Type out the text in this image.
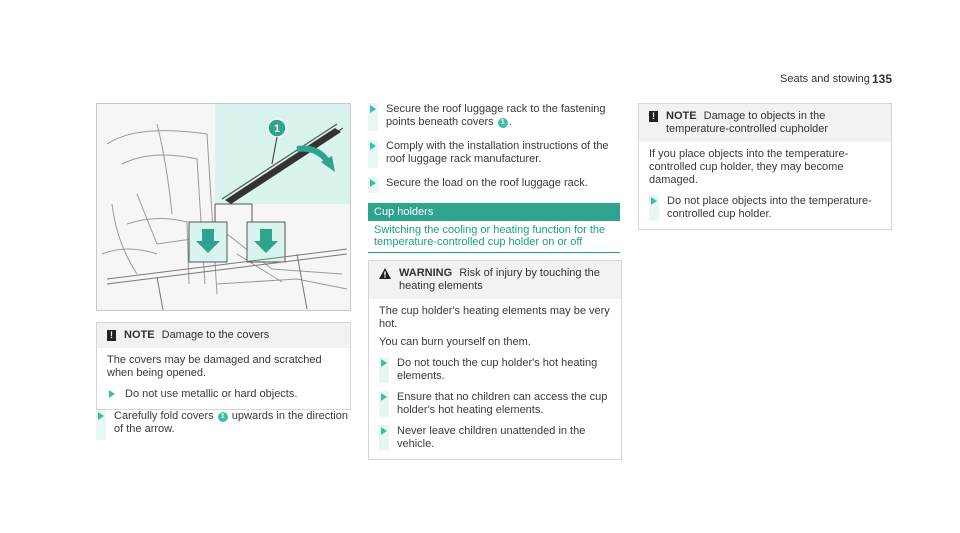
Seats and stowing 135
1
! NOTE Damage to the covers

The covers may be damaged and scratched when being opened.

Do not use metallic or hard objects.
Carefully fold covers 1 upwards in the direction of the arrow.
Secure the roof luggage rack to the fastening points beneath covers 1 .
Comply with the installation instructions of the roof luggage rack manufacturer.
Secure the load on the roof luggage rack.
Cup holders
Switching the cooling or heating function for the temperature-controlled cup holder on or off
WARNING Risk of injury by touching the heating elements

The cup holder's heating elements may be very hot.

You can burn yourself on them.

Do not touch the cup holder's hot heating elements.
Ensure that no children can access the cup holder's hot heating elements.
Never leave children unattended in the vehicle.
! NOTE Damage to objects in the temperature-controlled cupholder

If you place objects into the temperature-controlled cup holder, they may become damaged.

Do not place objects into the temperature-controlled cup holder.
